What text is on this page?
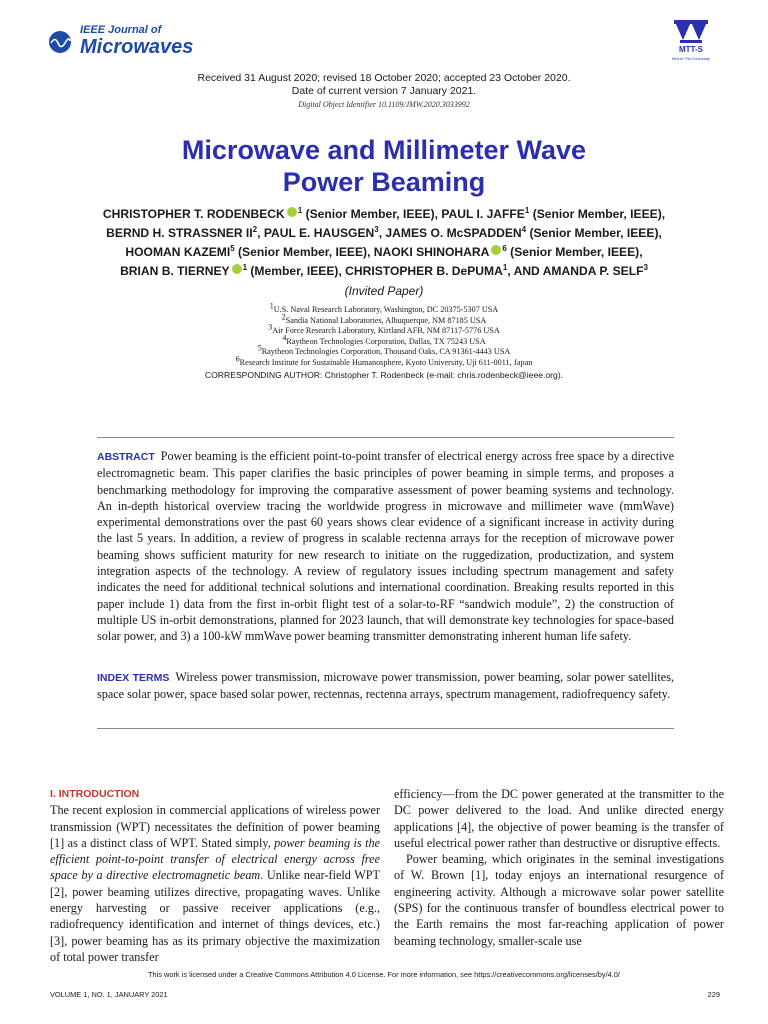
IEEE Journal of
Microwaves	MTT-S
MHz to THz Community
Received 31 August 2020; revised 18 October 2020; accepted 23 October 2020.
Date of current version 7 January 2021.
Digital Object Identifier 10.1109/JMW.2020.3033992
Microwave and Millimeter Wave
Power Beaming
CHRISTOPHER T. RODENBECK $^1$ (Senior Member, IEEE), PAUL I. JAFFE$^1$ (Senior Member, IEEE),
BERND H. STRASSNER $II^2$, PAUL E. HAUSGEN$^3$, JAMES O. McSPADDEN$^4$ (Senior Member, IEEE),
HOOMAN KAZEMI$^5$ (Senior Member, IEEE), NAOKI SHINOHARA $^6$ (Senior Member, IEEE),
BRIAN B. TIERNEY $^1$ (Member, IEEE), CHRISTOPHER B. DePUMA$^1$, AND AMANDA P. SELF$^3$
(Invited Paper)
1U.S. Naval Research Laboratory, Washington, DC 20375-5307 USA
2Sandia National Laboratories, Albuquerque, NM 87185 USA
3Air Force Research Laboratory, Kirtland AFB, NM 87117-5776 USA
4Raytheon Technologies Corporation, Dallas, TX 75243 USA
5Raytheon Technologies Corporation, Thousand Oaks, CA 91361-4443 USA
6Research Institute for Sustainable Humanosphere, Kyoto University, Uji 611-0011, Japan
CORRESPONDING AUTHOR: Christopher T. Rodenbeck (e-mail: chris.rodenbeck@ieee.org).
ABSTRACT Power beaming is the efficient point-to-point transfer of electrical energy across free space by a directive electromagnetic beam. This paper clarifies the basic principles of power beaming in simple terms, and proposes a benchmarking methodology for improving the comparative assessment of power beaming systems and technology. An in-depth historical overview tracing the worldwide progress in microwave and millimeter wave (mmWave) experimental demonstrations over the past 60 years shows clear evidence of a significant increase in activity during the last 5 years. In addition, a review of progress in scalable rectenna arrays for the reception of microwave power beaming shows sufficient maturity for new research to initiate on the ruggedization, productization, and system integration aspects of the technology. A review of regulatory issues including spectrum management and safety indicates the need for additional technical solutions and international coordination. Breaking results reported in this paper include 1) data from the first in-orbit flight test of a solar-to-RF “sandwich module”, 2) the construction of multiple US in-orbit demonstrations, planned for 2023 launch, that will demonstrate key technologies for space-based solar power, and 3) a 100-kW mmWave power beaming transmitter demonstrating inherent human life safety.
INDEX TERMS Wireless power transmission, microwave power transmission, power beaming, solar power satellites, space solar power, space based solar power, rectennas, rectenna arrays, spectrum management, radiofrequency safety.
I. INTRODUCTION

The recent explosion in commercial applications of wireless power transmission (WPT) necessitates the definition of power beaming [1] as a distinct class of WPT. Stated simply, power beaming is the efficient point-to-point transfer of electrical energy across free space by a directive electromagnetic beam. Unlike near-field WPT [2], power beaming utilizes directive, propagating waves. Unlike energy harvesting or passive receiver applications (e.g., radiofrequency identification and internet of things devices, etc.) [3], power beaming has as its primary objective the maximization of total power transfer

efficiency—from the DC power generated at the transmitter to the DC power delivered to the load. And unlike directed energy applications [4], the objective of power beaming is the transfer of useful electrical power rather than destructive or disruptive effects.

Power beaming, which originates in the seminal investigations of W. Brown [1], today enjoys an international resurgence of engineering activity. Although a microwave solar power satellite (SPS) for the continuous transfer of boundless electrical power to the Earth remains the most far-reaching application of power beaming technology, smaller-scale use

This work is licensed under a Creative Commons Attribution 4.0 License. For more information, see https://creativecommons.org/licenses/by/4.0/
VOLUME 1, NO. 1, JANUARY 2021	229
